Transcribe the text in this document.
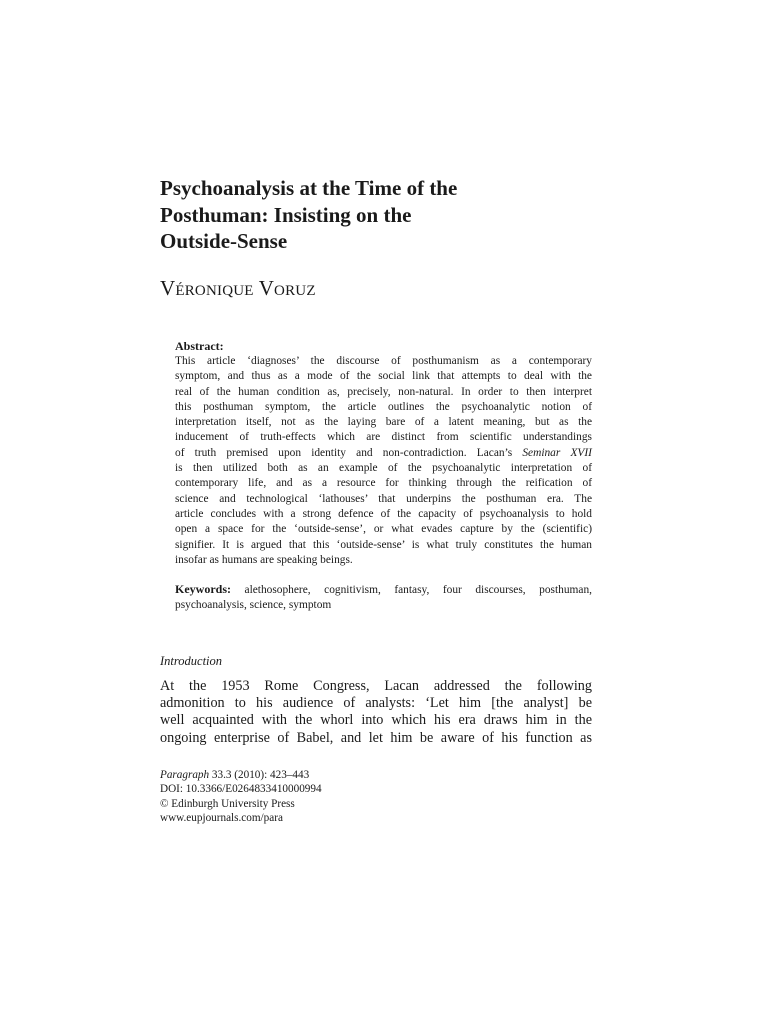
Psychoanalysis at the Time of the
Posthuman: Insisting on the
Outside-Sense
Véronique Voruz

Abstract:

This article ‘diagnoses’ the discourse of posthumanism as a contemporary
symptom, and thus as a mode of the social link that attempts to deal with the
real of the human condition as, precisely, non-natural. In order to then interpret
this posthuman symptom, the article outlines the psychoanalytic notion of
interpretation itself, not as the laying bare of a latent meaning, but as the
inducement of truth-effects which are distinct from scientific understandings
of truth premised upon identity and non-contradiction. Lacan’s Seminar XVII
is then utilized both as an example of the psychoanalytic interpretation of
contemporary life, and as a resource for thinking through the reification of
science and technological ‘lathouses’ that underpins the posthuman era. The
article concludes with a strong defence of the capacity of psychoanalysis to hold
open a space for the ‘outside-sense’, or what evades capture by the (scientific)
signifier. It is argued that this ‘outside-sense’ is what truly constitutes the human
insofar as humans are speaking beings.

Keywords: alethosophere, cognitivism, fantasy, four discourses, posthuman,
psychoanalysis, science, symptom

Introduction

At the 1953 Rome Congress, Lacan addressed the following
admonition to his audience of analysts: ‘Let him [the analyst] be
well acquainted with the whorl into which his era draws him in the
ongoing enterprise of Babel, and let him be aware of his function as

Paragraph 33.3 (2010): 423–443
DOI: 10.3366/E0264833410000994
© Edinburgh University Press
www.eupjournals.com/para
